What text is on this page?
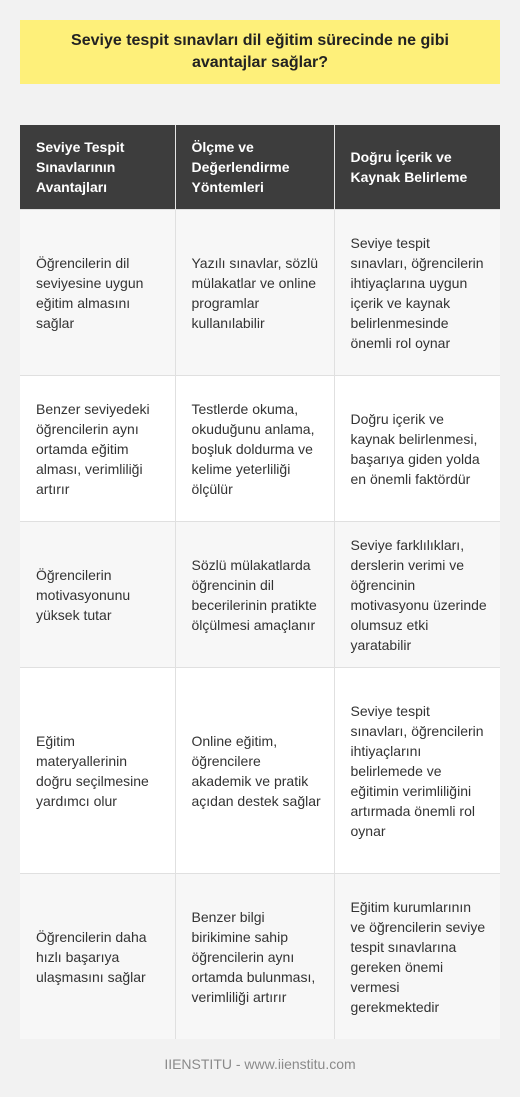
Seviye tespit sınavları dil eğitim sürecinde ne gibi avantajlar sağlar?
Seviye Tespit Sınavlarının Avantajları	Ölçme ve Değerlendirme Yöntemleri	Doğru İçerik ve Kaynak Belirleme
Öğrencilerin dil seviyesine uygun eğitim almasını sağlar	Yazılı sınavlar, sözlü mülakatlar ve online programlar kullanılabilir	Seviye tespit sınavları, öğrencilerin ihtiyaçlarına uygun içerik ve kaynak belirlenmesinde önemli rol oynar
Benzer seviyedeki öğrencilerin aynı ortamda eğitim alması, verimliliği artırır	Testlerde okuma, okuduğunu anlama, boşluk doldurma ve kelime yeterliliği ölçülür	Doğru içerik ve kaynak belirlenmesi, başarıya giden yolda en önemli faktördür
Öğrencilerin motivasyonunu yüksek tutar	Sözlü mülakatlarda öğrencinin dil becerilerinin pratikte ölçülmesi amaçlanır	Seviye farklılıkları, derslerin verimi ve öğrencinin motivasyonu üzerinde olumsuz etki yaratabilir
Eğitim materyallerinin doğru seçilmesine yardımcı olur	Online eğitim, öğrencilere akademik ve pratik açıdan destek sağlar	Seviye tespit sınavları, öğrencilerin ihtiyaçlarını belirlemede ve eğitimin verimliliğini artırmada önemli rol oynar
Öğrencilerin daha hızlı başarıya ulaşmasını sağlar	Benzer bilgi birikimine sahip öğrencilerin aynı ortamda bulunması, verimliliği artırır	Eğitim kurumlarının ve öğrencilerin seviye tespit sınavlarına gereken önemi vermesi gerekmektedir
IIENSTITU - www.iienstitu.com
